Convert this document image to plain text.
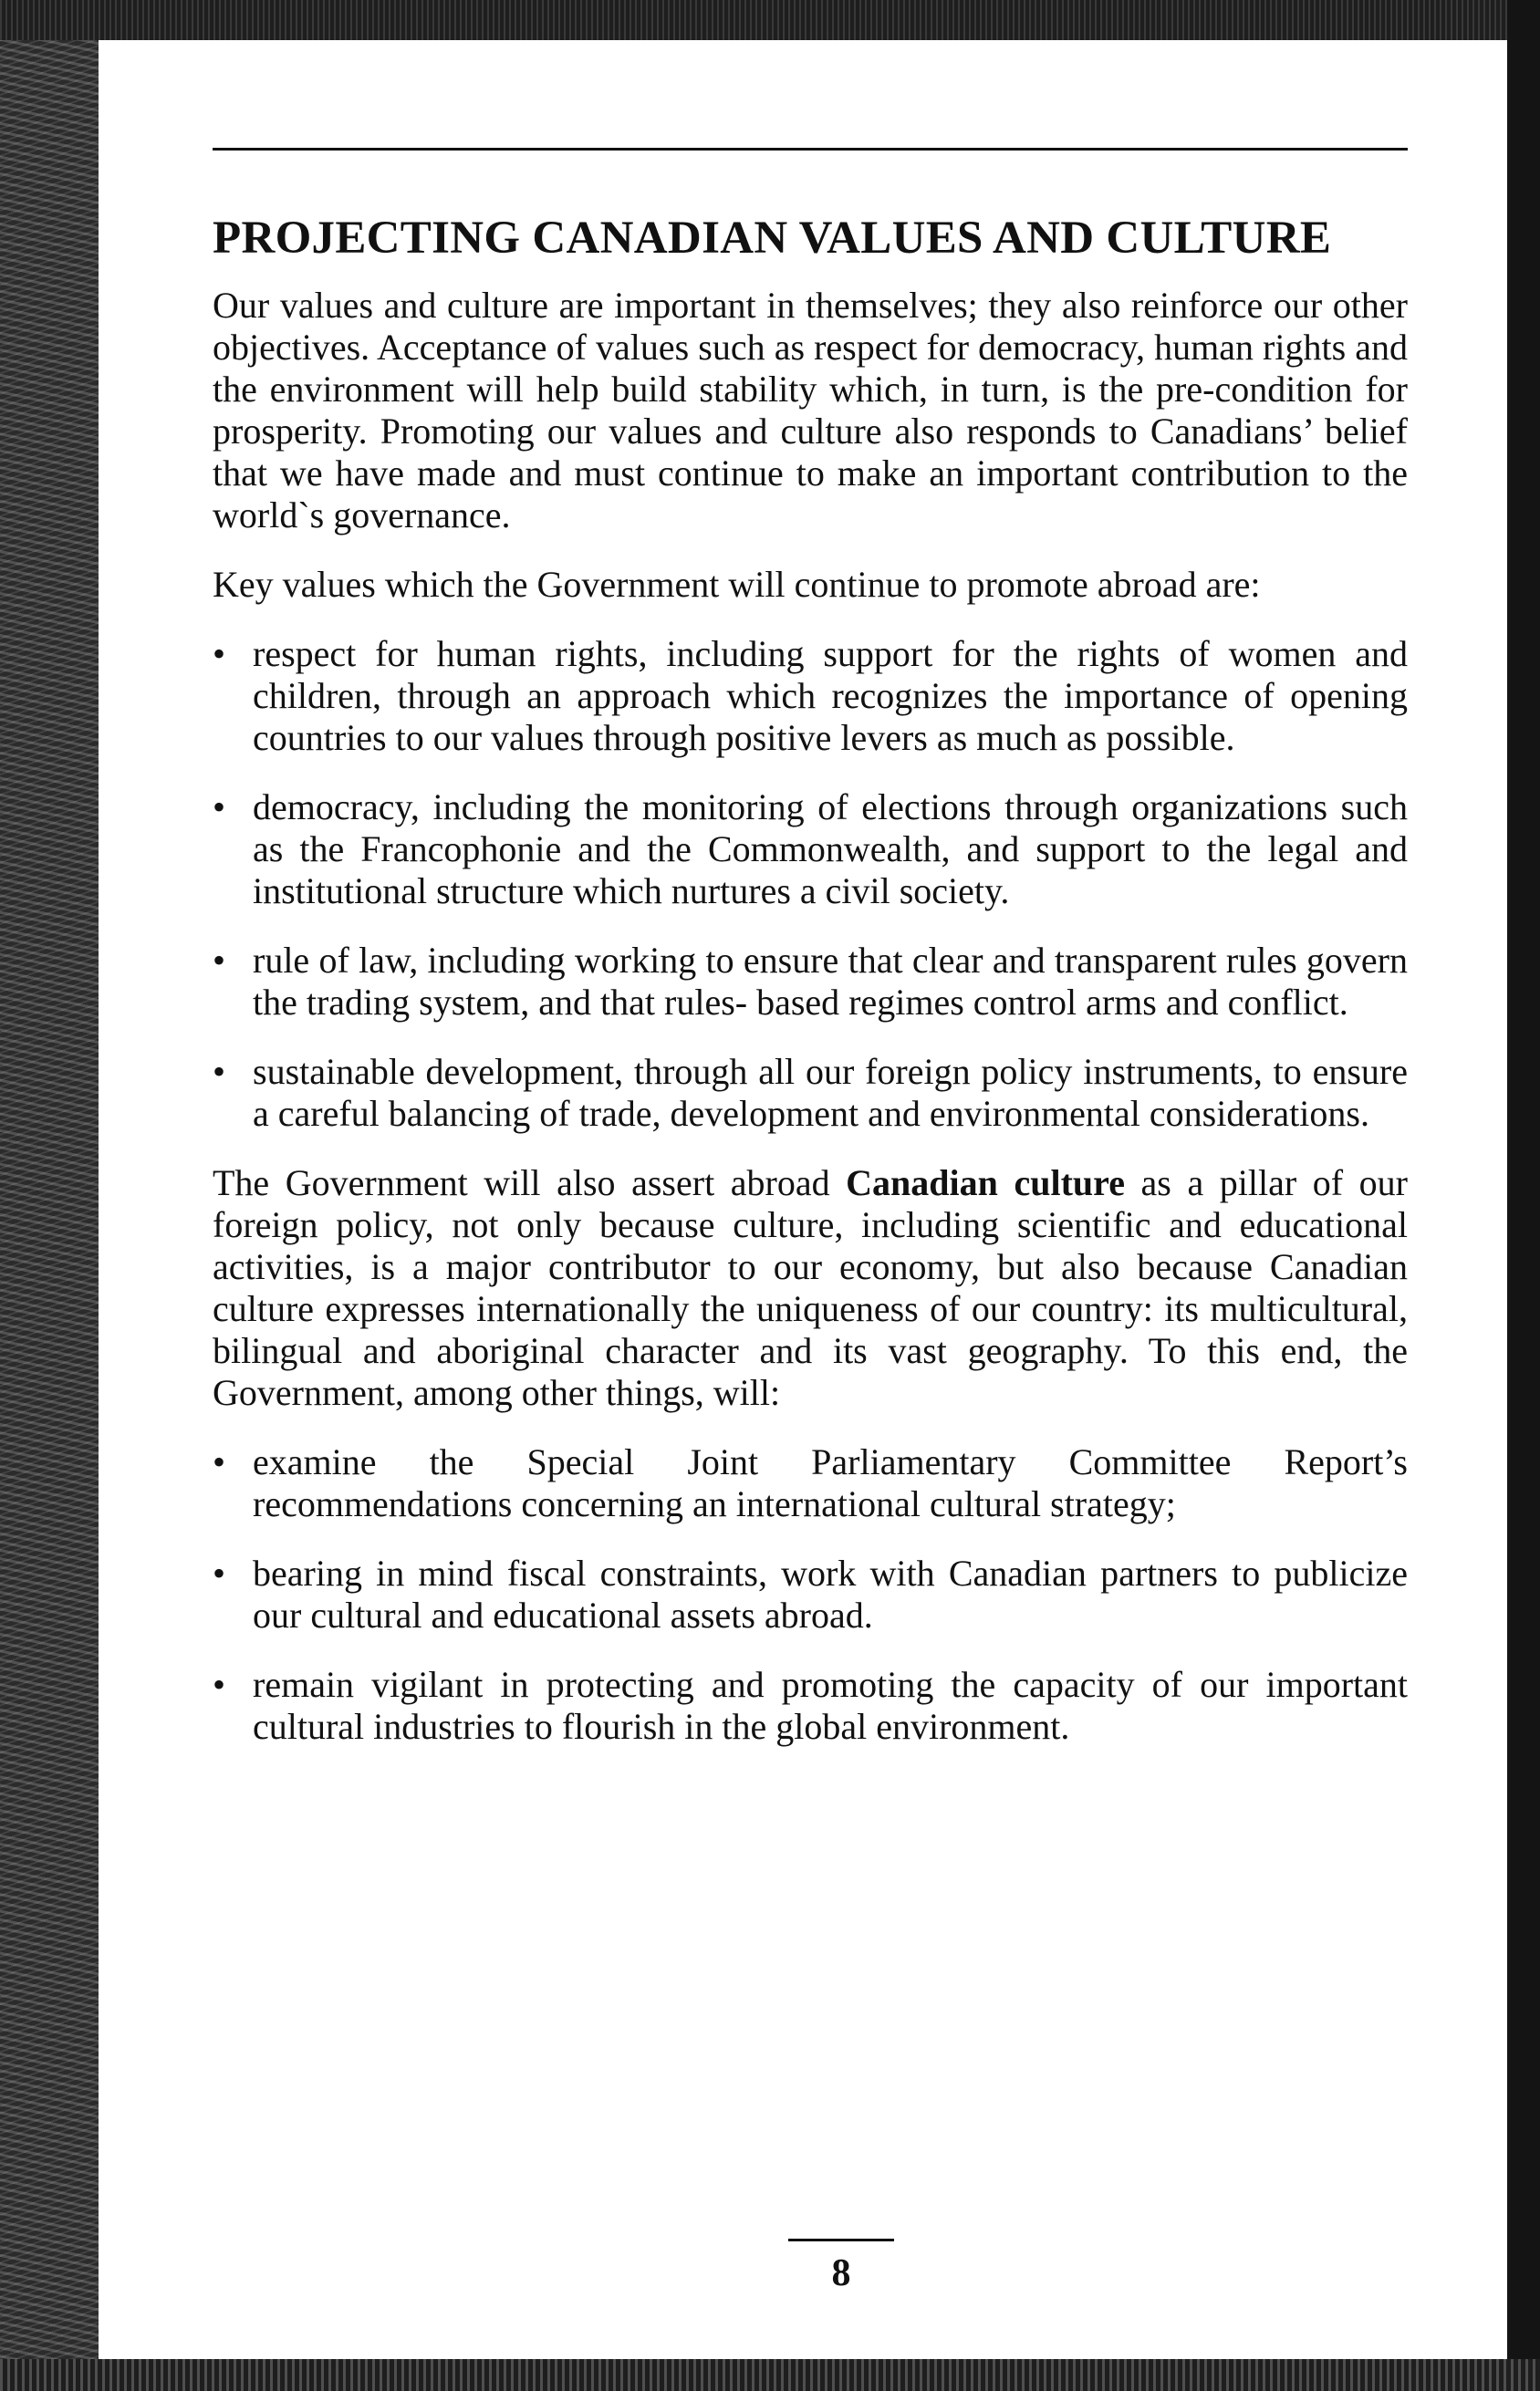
PROJECTING CANADIAN VALUES AND CULTURE

Our values and culture are important in themselves; they also reinforce our other objectives. Acceptance of values such as respect for democracy, human rights and the environment will help build stability which, in turn, is the pre-condition for prosperity. Promoting our values and culture also responds to Canadians’ belief that we have made and must continue to make an important contribution to the world`s governance.

Key values which the Government will continue to promote abroad are:

• respect for human rights, including support for the rights of women and children, through an approach which recognizes the importance of opening countries to our values through positive levers as much as possible.
• democracy, including the monitoring of elections through organizations such as the Francophonie and the Commonwealth, and support to the legal and institutional structure which nurtures a civil society.
• rule of law, including working to ensure that clear and transparent rules govern the trading system, and that rules- based regimes control arms and conflict.
• sustainable development, through all our foreign policy instruments, to ensure a careful balancing of trade, development and environmental considerations.

The Government will also assert abroad Canadian culture as a pillar of our foreign policy, not only because culture, including scientific and educational activities, is a major contributor to our economy, but also because Canadian culture expresses internationally the uniqueness of our country: its multicultural, bilingual and aboriginal character and its vast geography. To this end, the Government, among other things, will:

• examine the Special Joint Parliamentary Committee Report’s recommendations concerning an international cultural strategy;
• bearing in mind fiscal constraints, work with Canadian partners to publicize our cultural and educational assets abroad.
• remain vigilant in protecting and promoting the capacity of our important cultural industries to flourish in the global environment.
8
